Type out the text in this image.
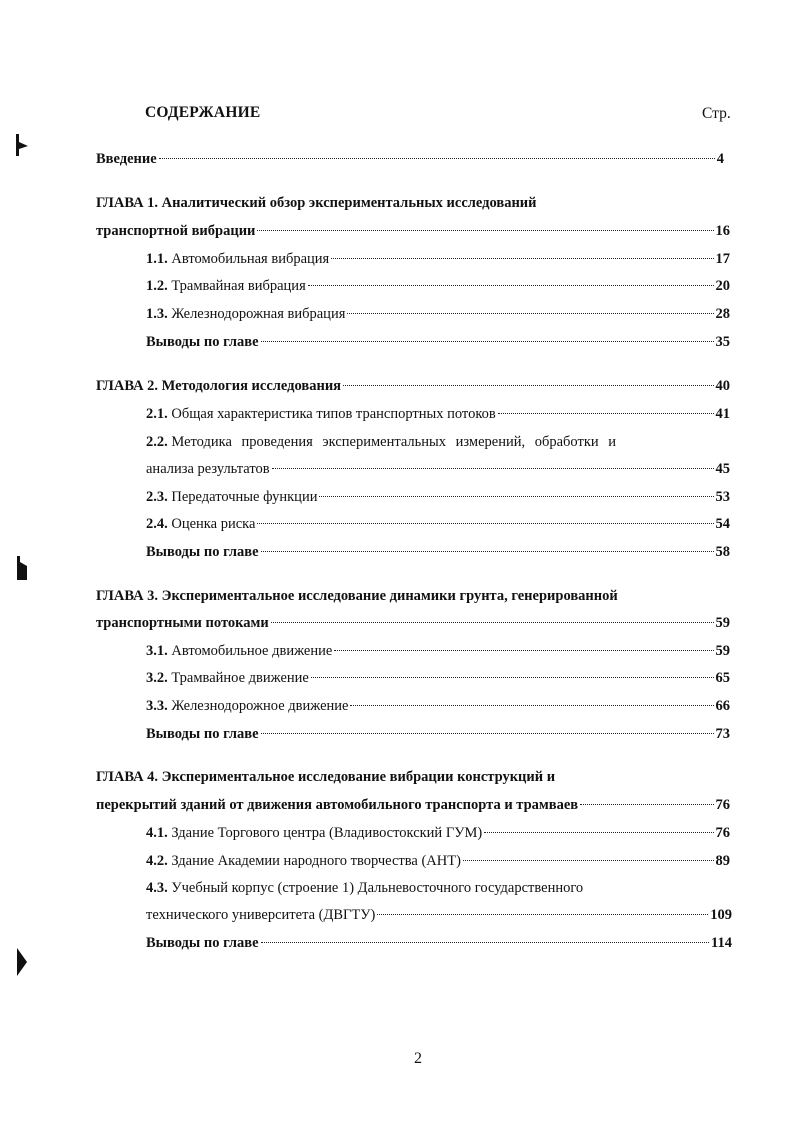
СОДЕРЖАНИЕ	Стр.
Введение	4
ГЛАВА 1. Аналитический обзор экспериментальных исследований
транспортной вибрации	16
1.1. Автомобильная вибрация	17
1.2. Трамвайная вибрация	20
1.3. Железнодорожная вибрация	28
Выводы по главе	35
ГЛАВА 2. Методология исследования	40
2.1. Общая характеристика типов транспортных потоков	41
2.2. Методика проведения экспериментальных измерений, обработки и
анализа результатов	45
2.3. Передаточные функции	53
2.4. Оценка риска	54
Выводы по главе	58
ГЛАВА 3. Экспериментальное исследование динамики грунта, генерированной
транспортными потоками	59
3.1. Автомобильное движение	59
3.2. Трамвайное движение	65
3.3. Железнодорожное движение	66
Выводы по главе	73
ГЛАВА 4. Экспериментальное исследование вибрации конструкций и
перекрытий зданий от движения автомобильного транспорта и трамваев	76
4.1. Здание Торгового центра (Владивостокский ГУМ)	76
4.2. Здание Академии народного творчества (АНТ)	89
4.3. Учебный корпус (строение 1) Дальневосточного государственного
технического университета (ДВГТУ)	109
Выводы по главе	114
2
